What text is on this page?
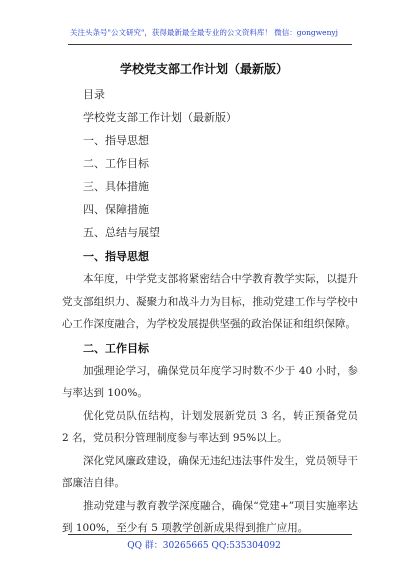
关注头条号"公文研究"，获得最新最全最专业的公文资料库！ 微信：gongwenyj
学校党支部工作计划（最新版）
目录
学校党支部工作计划（最新版）
一、指导思想
二、工作目标
三、具体措施
四、保障措施
五、总结与展望
一、指导思想

本年度，中学党支部将紧密结合中学教育教学实际，以提升党支部组织力、凝聚力和战斗力为目标，推动党建工作与学校中心工作深度融合，为学校发展提供坚强的政治保证和组织保障。

二、工作目标

加强理论学习，确保党员年度学习时数不少于 40 小时，参与率达到 100%。

优化党员队伍结构，计划发展新党员 3 名，转正预备党员 2 名，党员积分管理制度参与率达到 95%以上。

深化党风廉政建设，确保无违纪违法事件发生，党员领导干部廉洁自律。

推动党建与教育教学深度融合，确保“党建+”项目实施率达到 100%，至少有 5 项教学创新成果得到推广应用。

QQ 群：30265665 QQ:535304092
